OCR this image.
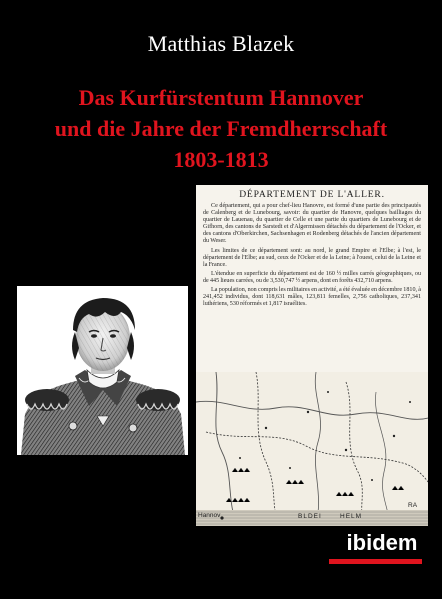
Matthias Blazek
Das Kurfürstentum Hannover
und die Jahre der Fremdherrschaft
1803-1813
DÉPARTEMENT DE L'ALLER.

Ce département, qui a pour chef-lieu Hanovre, est formé d'une partie des principautés de Calenberg et de Lunebourg, savoir: du quartier de Hanovre, quelques bailliages du quartier de Lauenau, du quartier de Celle et une partie du quartiers de Lunebourg et de Gifhorn, des cantons de Sarstedt et d'Algermissen détachés du département de l'Ocker, et des cantons d'Oberkirchen, Sachsenhagen et Rodenberg détachés de l'ancien département du Weser.

Les limites de ce département sont: au nord, le grand Empire et l'Elbe; à l'est, le département de l'Elbe; au sud, ceux de l'Ocker et de la Leine; à l'ouest, celui de la Leine et la France.

L'étendue en superficie du département est de 160 ½ milles carrés géographiques, ou de 445 lieues carrées, ou de 3,530,747 ½ arpens, dont en forêts 432,710 arpens.

La population, non compris les militaires en activité, a été évaluée en décembre 1810, à 241,452 individus, dont 118,631 mâles, 123,811 femelles, 2,756 catholiques, 237,341 luthériens, 530 réformés et 1,817 israélites.

Hannov	BLDEI	HELM
RA
ibidem
